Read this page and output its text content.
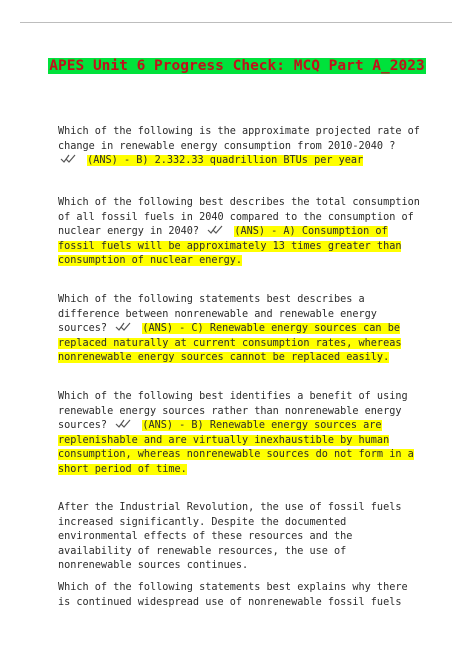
APES Unit 6 Progress Check: MCQ Part A_2023
Which of the following is the approximate projected rate of change in renewable energy consumption from 2010-2040 ?  (ANS) - B) 2.332.33 quadrillion BTUs per year
Which of the following best describes the total consumption of all fossil fuels in 2040 compared to the consumption of nuclear energy in 2040?	(ANS) - A) Consumption of fossil fuels will be approximately 13 times greater than consumption of nuclear energy.
Which of the following statements best describes a difference between nonrenewable and renewable energy sources?	(ANS) - C) Renewable energy sources can be replaced naturally at current consumption rates, whereas nonrenewable energy sources cannot be replaced easily.
Which of the following best identifies a benefit of using renewable energy sources rather than nonrenewable energy sources?	(ANS) - B) Renewable energy sources are replenishable and are virtually inexhaustible by human consumption, whereas nonrenewable sources do not form in a short period of time.
After the Industrial Revolution, the use of fossil fuels increased significantly. Despite the documented environmental effects of these resources and the availability of renewable resources, the use of nonrenewable sources continues.
Which of the following statements best explains why there is continued widespread use of nonrenewable fossil fuels
